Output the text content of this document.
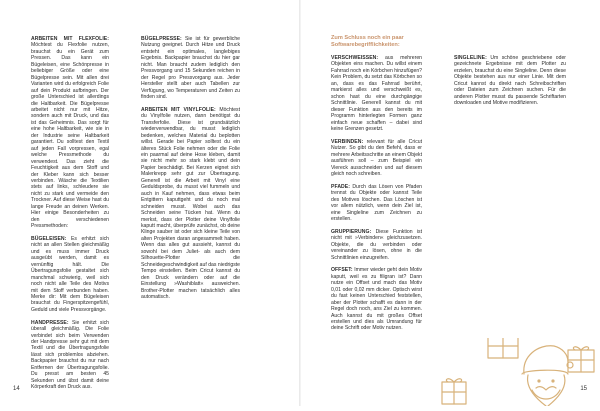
ARBEITEN MIT FLEXFOLIE: Möchtest du Flexfolie nutzen, brauchst du ein Gerät zum Pressen. Das kann ein Bügeleisen, eine Schönpresse in beliebiger Größe oder eine Bügelpresse sein. Mit allen drei Varianten wird du erfolgreich Folie auf dein Produkt aufbringen. Der große Unterschied ist allerdings die Haltbarkeit. Die Bügelpresse arbeitet nicht nur mit Hitze, sondern auch mit Druck, und das ist das Geheimnis. Das sorgt für eine hohe Haltbarkeit, wie sie in der Industrie seine Haltbarkeit garantiert. Du solltest den Textil auf jeden Fall vorpressen, egal welche Pressmethode du verwendest. Das zieht die Feuchtigkeit aus dem Stoff und der Kleber kann sich besser verbinden. Wäsche die Textilien stets auf links, schleudere sie nicht zu stark und vermeide den Trockner. Auf diese Weise hast du lange Freude an deinen Werken. Hier einige Besonderheiten zu den verschiedenen Pressmethoden:

BÜGELEISEN: Es erhitzt sich nicht an allen Stellen gleichmäßig und es muss immer Druck ausgeübt werden, damit es vernünftig hält. Die Übertragungsfolie gestaltet sich manchmal schwierig, weil sich noch nicht alle Teile des Motivs mit dem Stoff verbunden haben. Merke dir: Mit dem Bügeleisen brauchst du Fingerspitzengefühl, Geduld und viele Pressvorgänge.

HANDPRESSE: Sie erhitzt sich überall gleichmäßig. Die Folie verbindet sich beim Verwenden der Handpresse sehr gut mit dem Textil und die Übertragungsfolie lässt sich problemlos abziehen. Backpapier brauchst du nur nach Entfernen der Übertragungsfolie. Du presst am besten 45 Sekunden und übst damit deine Körperkraft den Druck aus.

BÜGELPRESSE: Sie ist für gewerbliche Nutzung geeignet. Durch Hitze und Druck entsteht ein optimales, langlebiges Ergebnis. Backpapier brauchst du hier gar nicht. Man braucht zudem lediglich den Pressvorgang und 15 Sekunden reichen in der Regel pro Pressvorgang aus. Jeder Hersteller stellt aber auch Tabellen zur Verfügung, wo Temperaturen und Zeiten zu finden sind.

ARBEITEN MIT VINYLFOLIE: Möchtest du Vinylfolie nutzen, dann benötigst du Transferfolie. Diese ist grundsätzlich wiederverwendbar, du musst lediglich bedenken, welches Material du beplotten willst. Gerade bei Papier solltest du ein älteres Stück Folie nehmen oder die Folie ein paarmal auf deine Hose kleben, damit sie nicht mehr so stark klebt und dein Papier beschädigt. Bei Kerzen eignet sich Malerkrepp sehr gut zur Übertragung. Generell ist die Arbeit mit Vinyl eine Geduldsprobe, du musst viel fummeln und auch in Kauf nehmen, dass etwas beim Entgittern kaputtgeht und du noch mal schneiden musst. Wobei auch das Schneiden seine Tücken hat. Wenn du merkst, dass der Plotter deine Vinylfolie kaputt macht, überprüfe zunächst, ob deine Klinge sauber ist oder sich kleine Teile von alten Projekten daran angesammelt haben. Wenn das alles gut aussieht, kannst du sowohl bei dem Juliet- als auch dem Silhouette-Plotter die Schneidegeschwindigkeit auf das niedrigste Tempo einstellen. Beim Cricut kannst du den Druck verändern oder auf die Einstellung »Washiblatt« ausweichen. Brother-Plotter machen tatsächlich alles automatisch.

Zum Schluss noch ein paar
Softwarebegrifflichkeiten:

VERSCHWEISSEN: aus mehreren Objekten eins machen. Du willst einem Fahrrad noch ein Körbchen hinzufügen? Kein Problem, du setzt das Körbchen so an, dass es das Fahrrad berührt, markierst alles und verschweißt es, schon hast du eine durchgängige Schnittlinie. Generell kannst du mit dieser Funktion aus den bereits im Programm hinterlegten Formen ganz einfach neue schaffen – dabei sind keine Grenzen gesetzt.

VERBINDEN: relevant für alle Cricut Nutzer. So gibt du den Befehl, dass er mehrere Arbeitsschritte an einem Objekt ausführen soll – zum Beispiel ein Viereck ausschneiden und auf diesem gleich noch schreiben.

PFADE: Durch das Lösen von Pfaden trennst du Objekte oder kannst Teile des Motives löschen. Das Löschen ist vor allem nützlich, wenn dein Ziel ist, eine Singleline zum Zeichnen zu erstellen.

GRUPPIERUNG: Diese Funktion ist nicht mit »Verbinden« gleichzusetzen. Objekte, die du verbinden oder vereinander zu lösen, ohne in die Schnittlinien einzugreifen.

OFFSET: Immer wieder geht dein Motiv kaputt, weil es zu filigran ist? Dann nutze ein Offset und mach das Motiv 0,01 oder 0,02 mm dicker. Optisch wirst du fast keinen Unterschied feststellen, aber der Plotter schafft es dann in der Regel doch noch, ans Ziel zu kommen. Auch kannst du mit großes Offset erstellen und dies als Umrandung für deine Schrift oder Motiv nutzen.

SINGLELINE: Um schöne geschriebene oder gezeichnete Ergebnisse mit dem Plotter zu erzielen, brauchst du eine Singleline. Denn diese Objekte bestehen aus nur einer Linie. Mit dem Cricut kannst du direkt nach Schreibschriften oder Dateien zum Zeichnen suchen. Für die anderen Plotter musst du passende Schriftarten downloaden und Motive modifizieren.

14	15
